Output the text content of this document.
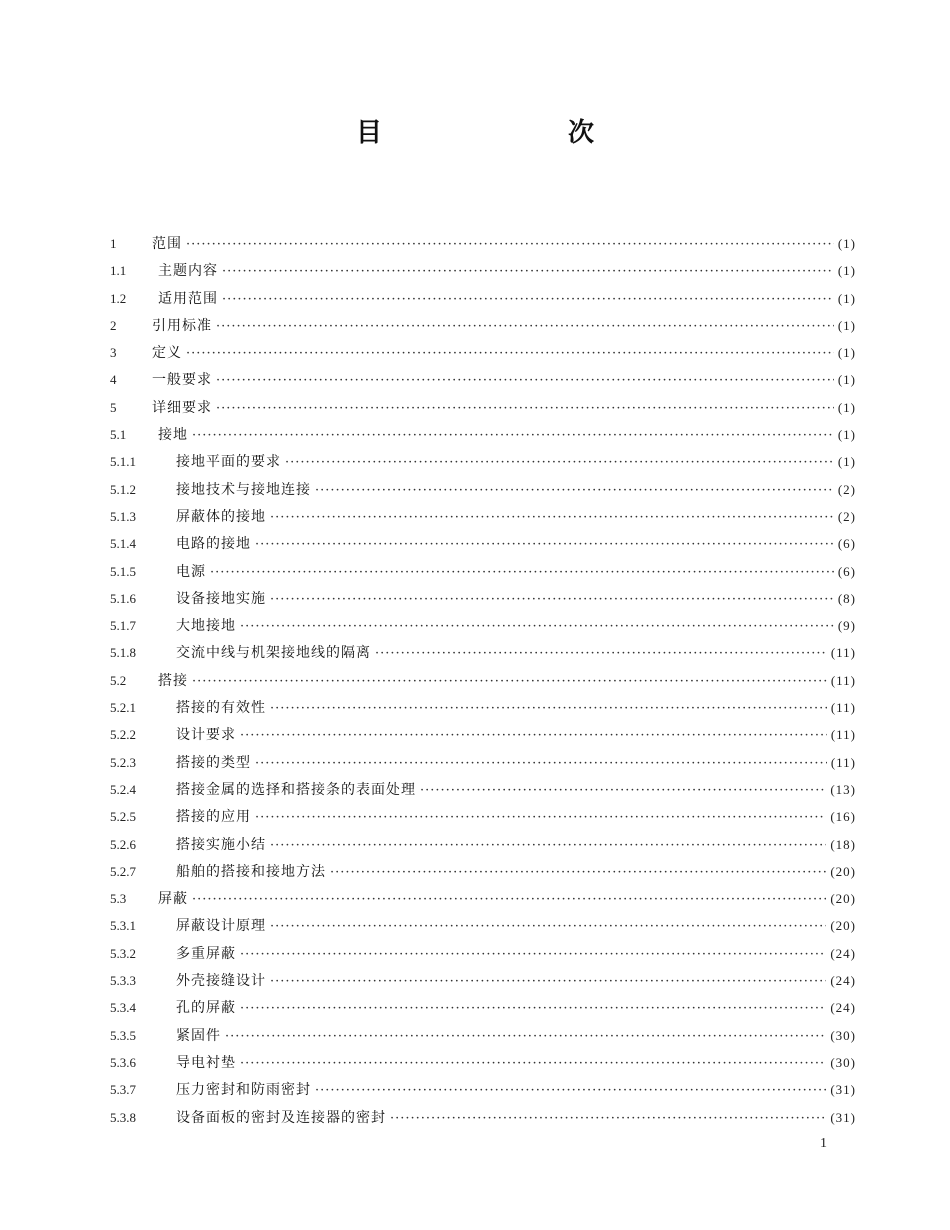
目　次
1	范围 ·····	(1)
1.1	主题内容 ·····	(1)
1.2	适用范围 ·····	(1)
2	引用标准 ·····	(1)
3	定义 ·····	(1)
4	一般要求 ·····	(1)
5	详细要求 ·····	(1)
5.1	接地 ·····	(1)
5.1.1	接地平面的要求 ·····	(1)
5.1.2	接地技术与接地连接 ·····	(2)
5.1.3	屏蔽体的接地 ·····	(2)
5.1.4	电路的接地 ·····	(6)
5.1.5	电源 ·····	(6)
5.1.6	设备接地实施 ·····	(8)
5.1.7	大地接地 ·····	(9)
5.1.8	交流中线与机架接地线的隔离 ·····	(11)
5.2	搭接 ·····	(11)
5.2.1	搭接的有效性 ·····	(11)
5.2.2	设计要求 ·····	(11)
5.2.3	搭接的类型 ·····	(11)
5.2.4	搭接金属的选择和搭接条的表面处理 ·····	(13)
5.2.5	搭接的应用 ·····	(16)
5.2.6	搭接实施小结 ·····	(18)
5.2.7	船舶的搭接和接地方法 ·····	(20)
5.3	屏蔽 ·····	(20)
5.3.1	屏蔽设计原理 ·····	(20)
5.3.2	多重屏蔽 ·····	(24)
5.3.3	外壳接缝设计 ·····	(24)
5.3.4	孔的屏蔽 ·····	(24)
5.3.5	紧固件 ·····	(30)
5.3.6	导电衬垫 ·····	(30)
5.3.7	压力密封和防雨密封 ·····	(31)
5.3.8	设备面板的密封及连接器的密封 ·····	(31)
1
